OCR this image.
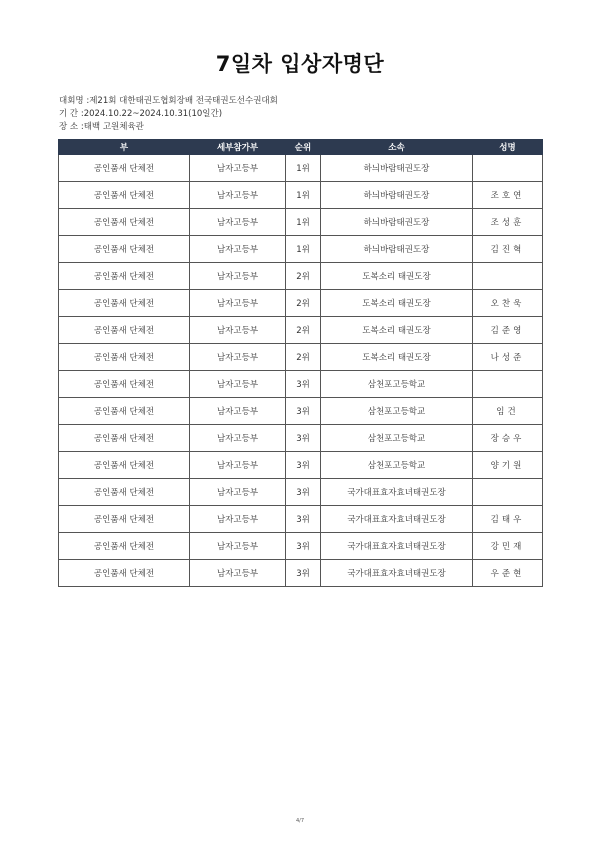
7일차 입상자명단
대회명 :제21회 대한태권도협회장배 전국태권도선수권대회
기 간 :2024.10.22~2024.10.31(10일간)
장 소 :태백 고원체육관
부	세부참가부	순위	소속	성명
공인품새 단체전	남자고등부	1위	하늬바람태권도장	
공인품새 단체전	남자고등부	1위	하늬바람태권도장	조호연
공인품새 단체전	남자고등부	1위	하늬바람태권도장	조성훈
공인품새 단체전	남자고등부	1위	하늬바람태권도장	김진혁
공인품새 단체전	남자고등부	2위	도복소리 태권도장	
공인품새 단체전	남자고등부	2위	도복소리 태권도장	오찬욱
공인품새 단체전	남자고등부	2위	도복소리 태권도장	김준영
공인품새 단체전	남자고등부	2위	도복소리 태권도장	나성준
공인품새 단체전	남자고등부	3위	삼천포고등학교	
공인품새 단체전	남자고등부	3위	삼천포고등학교	임건
공인품새 단체전	남자고등부	3위	삼천포고등학교	장승우
공인품새 단체전	남자고등부	3위	삼천포고등학교	양기원
공인품새 단체전	남자고등부	3위	국가대표효자효녀태권도장	
공인품새 단체전	남자고등부	3위	국가대표효자효녀태권도장	김태우
공인품새 단체전	남자고등부	3위	국가대표효자효녀태권도장	강민재
공인품새 단체전	남자고등부	3위	국가대표효자효녀태권도장	우준현
4/7
